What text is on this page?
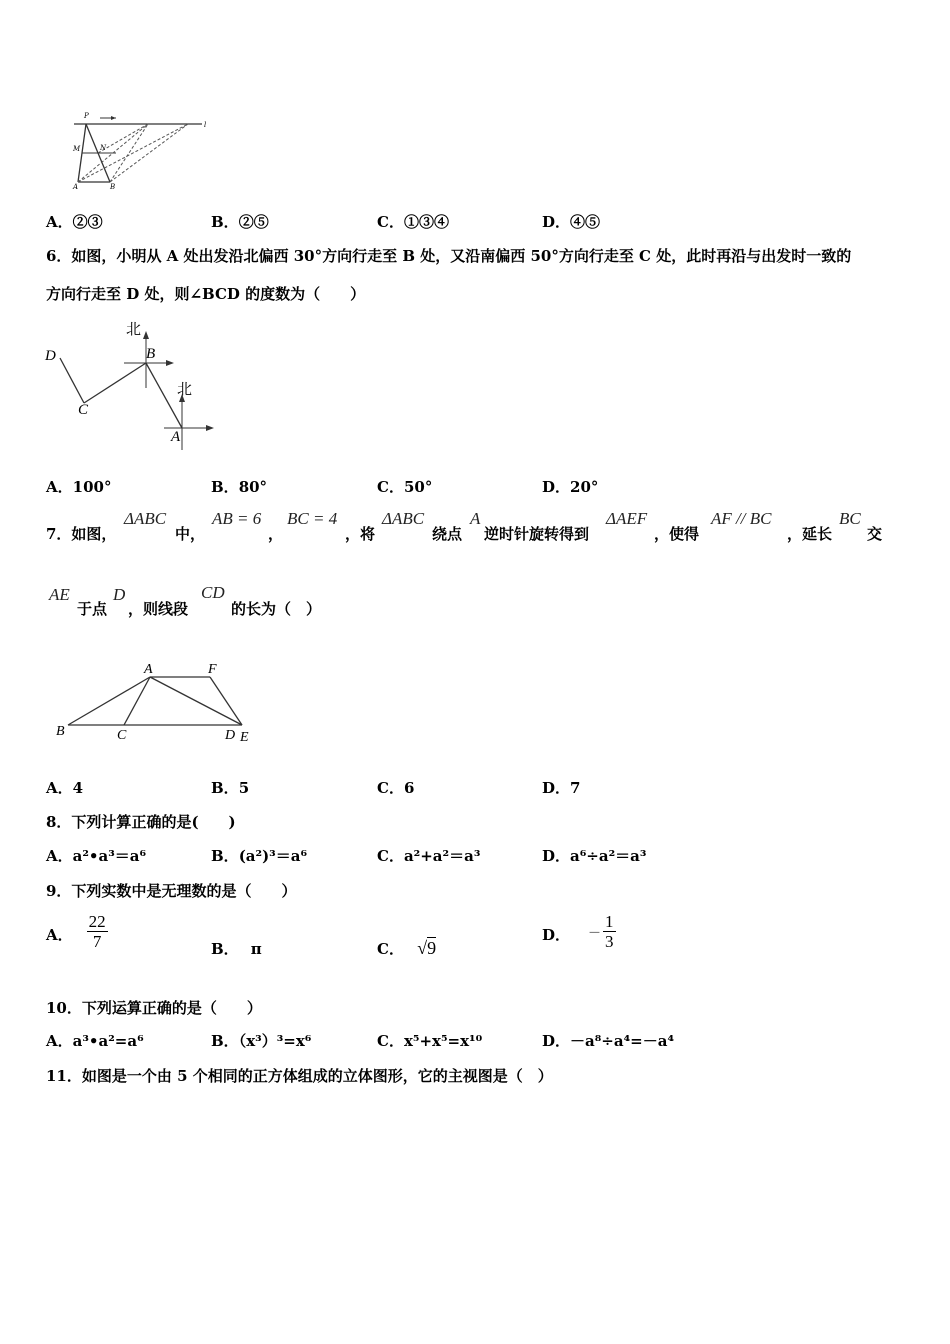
P
l
M	N
A	B
A．②③	B．②⑤	C．①③④	D．④⑤
6．如图，小明从 A 处出发沿北偏西 30°方向行走至 B 处，又沿南偏西 50°方向行走至 C 处，此时再沿与出发时一致的
方向行走至 D 处，则∠BCD 的度数为（　　）
D
C
B
A
北
北
A．100°	B．80°	C．50°	D．20°
7．如图，
ΔABC
中，
AB = 6
，
BC = 4
，将
ΔABC
绕点
A
逆时针旋转得到
ΔAEF
，使得
AF // BC
，延长
BC
交
AE
于点
D
，则线段
CD
的长为（　）
A	F
B	C	D E
A．4	B．5	C．6	D．7
8．下列计算正确的是(　　)
A．a²•a³＝a⁶	B．(a²)³＝a⁶	C．a²+a²＝a³	D．a⁶÷a²＝a³
9．下列实数中是无理数的是（　　）
A． $\frac{22}{7}$	B． π	C． √9
D． － $\frac{1}{3}$
10．下列运算正确的是（　　）
A．a³•a²=a⁶	B．（x³）³=x⁶	C．x⁵+x⁵=x¹⁰	D．－a⁸÷a⁴=－a⁴
11．如图是一个由 5 个相同的正方体组成的立体图形，它的主视图是（　）
